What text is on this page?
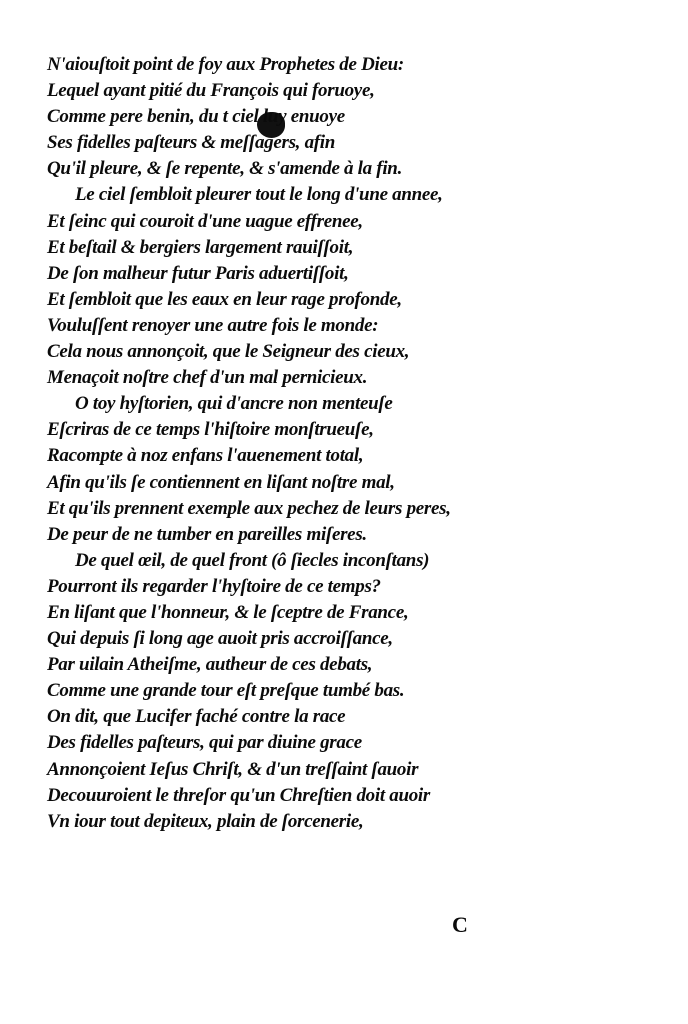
N'aiouſtoit point de foy aux Prophetes de Dieu:
Lequel ayant pitié du François qui foruoye,
Comme pere benin, du t ciel luy enuoye
Ses fidelles paſteurs & meſſagers, afin
Qu'il pleure, & ſe repente, & s'amende à la fin.
Le ciel ſembloit pleurer tout le long d'une annee,
Et ſeinc qui couroit d'une uague effrenee,
Et beſtail & bergiers largement rauiſſoit,
De ſon malheur futur Paris aduertiſſoit,
Et ſembloit que les eaux en leur rage profonde,
Vouluſſent renoyer une autre fois le monde:
Cela nous annonçoit, que le Seigneur des cieux,
Menaçoit noſtre chef d'un mal pernicieux.
O toy hyſtorien, qui d'ancre non menteuſe
Eſcriras de ce temps l'hiſtoire monſtrueuſe,
Racompte à noz enfans l'auenement total,
Afin qu'ils ſe contiennent en liſant noſtre mal,
Et qu'ils prennent exemple aux pechez de leurs peres,
De peur de ne tumber en pareilles miſeres.
De quel œil, de quel front (ô ſiecles inconſtans)
Pourront ils regarder l'hyſtoire de ce temps?
En liſant que l'honneur, & le ſceptre de France,
Qui depuis ſi long age auoit pris accroiſſance,
Par uilain Atheiſme, autheur de ces debats,
Comme une grande tour eſt preſque tumbé bas.
On dit, que Lucifer faché contre la race
Des fidelles paſteurs, qui par diuine grace
Annonçoient Ieſus Chriſt, & d'un treſſaint ſauoir
Decouuroient le threſor qu'un Chreſtien doit auoir
Vn iour tout depiteux, plain de ſorcenerie,
C
